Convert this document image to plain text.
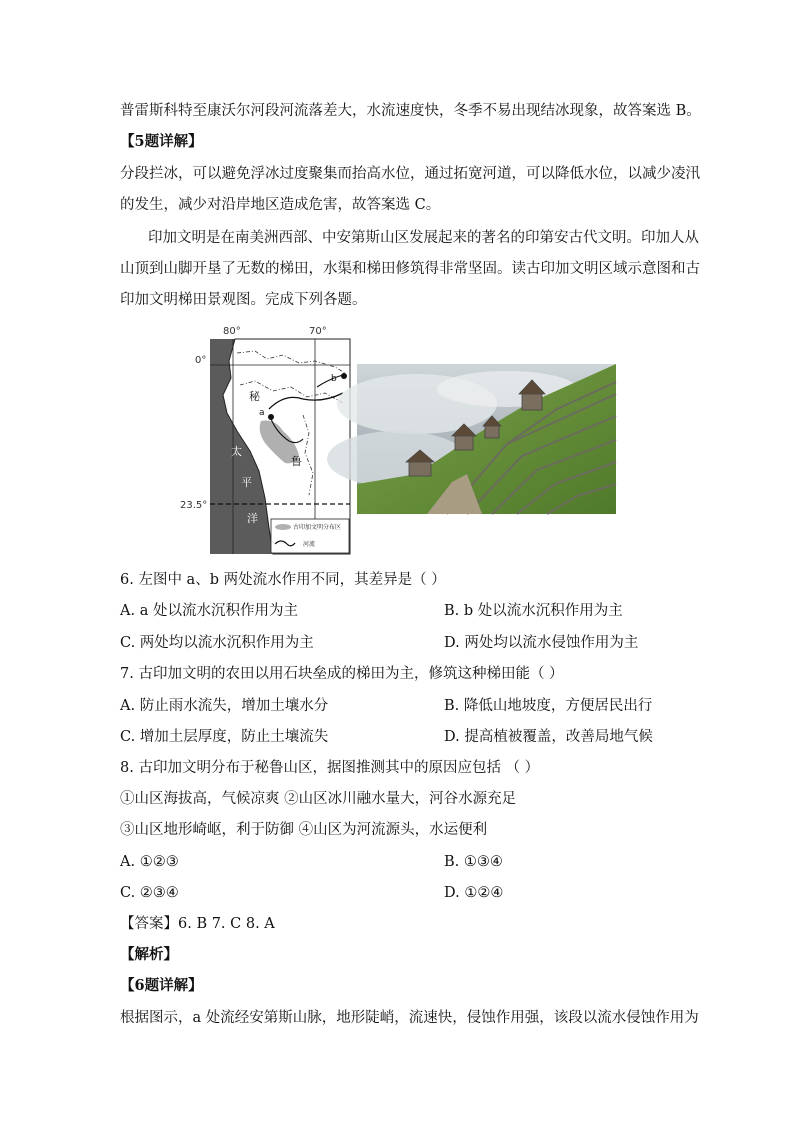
普雷斯科特至康沃尔河段河流落差大，水流速度快，冬季不易出现结冰现象，故答案选 B。
【5题详解】
分段拦冰，可以避免浮冰过度聚集而抬高水位，通过拓宽河道，可以降低水位，以减少凌汛
的发生，减少对沿岸地区造成危害，故答案选 C。
印加文明是在南美洲西部、中安第斯山区发展起来的著名的印第安古代文明。印加人从
山顶到山脚开垦了无数的梯田，水渠和梯田修筑得非常坚固。读古印加文明区域示意图和古
印加文明梯田景观图。完成下列各题。
80°	70°
0°
23.5°
a
b
秘
鲁
太
平
洋
古印加文明分布区
河流
6. 左图中 a、b 两处流水作用不同，其差异是（ ）
A. a 处以流水沉积作用为主	B. b 处以流水沉积作用为主
C. 两处均以流水沉积作用为主	D. 两处均以流水侵蚀作用为主
7. 古印加文明的农田以用石块垒成的梯田为主，修筑这种梯田能（ ）
A. 防止雨水流失，增加土壤水分	B. 降低山地坡度，方便居民出行
C. 增加土层厚度，防止土壤流失	D. 提高植被覆盖，改善局地气候
8. 古印加文明分布于秘鲁山区，据图推测其中的原因应包括 （ ）
①山区海拔高，气候凉爽 ②山区冰川融水量大，河谷水源充足
③山区地形崎岖，利于防御 ④山区为河流源头，水运便利
A. ①②③	B. ①③④
C. ②③④	D. ①②④
【答案】6. B 7. C 8. A
【解析】
【6题详解】
根据图示，a 处流经安第斯山脉，地形陡峭，流速快，侵蚀作用强，该段以流水侵蚀作用为
